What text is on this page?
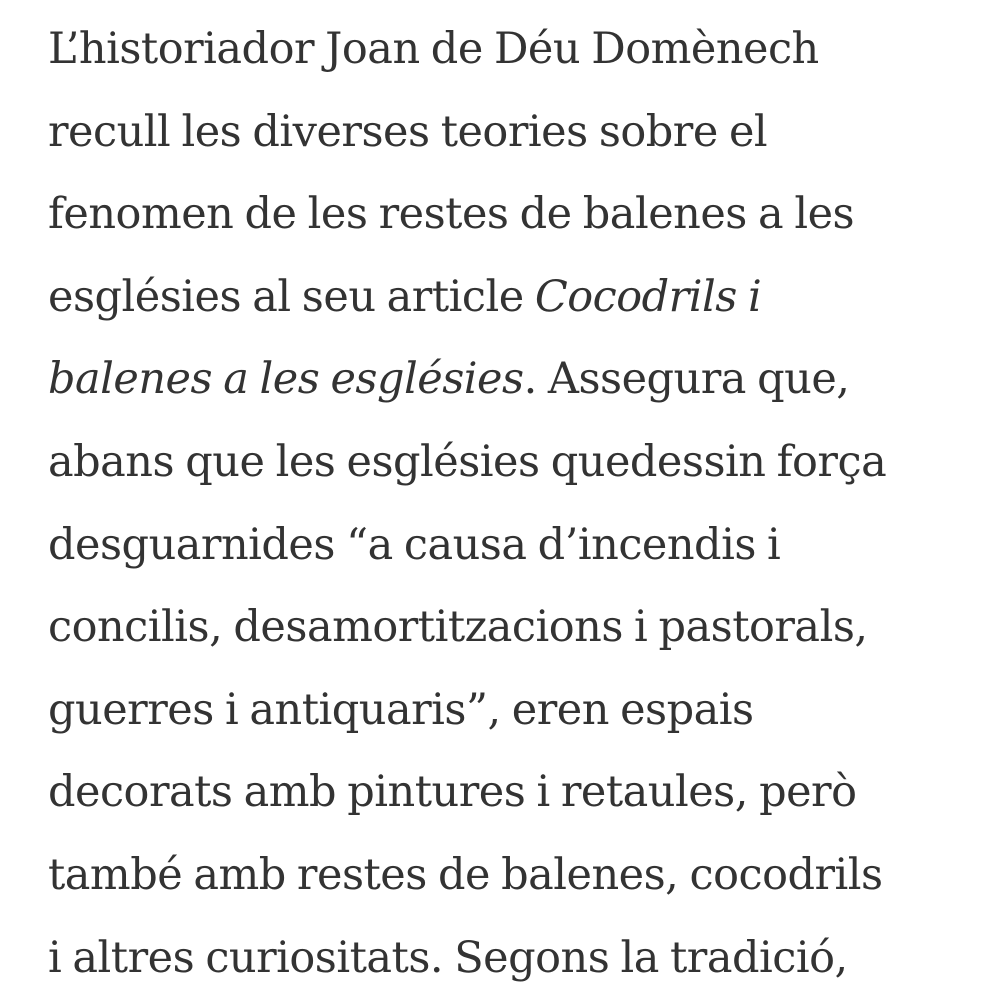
L’historiador Joan de Déu Domènech
recull les diverses teories sobre el
fenomen de les restes de balenes a les
esglésies al seu article Cocodrils i
balenes a les esglésies. Assegura que,
abans que les esglésies quedessin força
desguarnides “a causa d’incendis i
concilis, desamortitzacions i pastorals,
guerres i antiquaris”, eren espais
decorats amb pintures i retaules, però
també amb restes de balenes, cocodrils
i altres curiositats. Segons la tradició,
